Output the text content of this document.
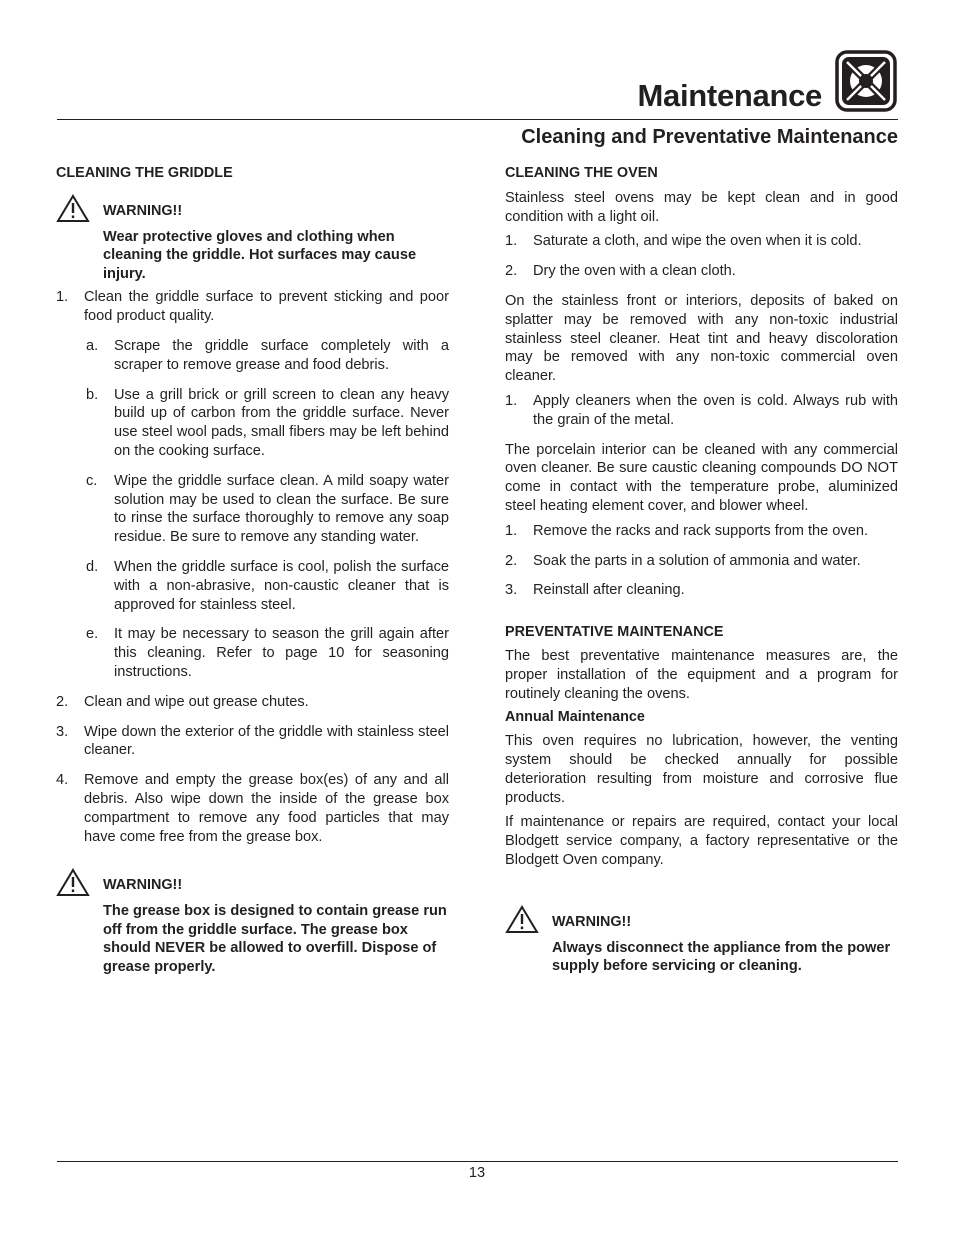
Maintenance
Cleaning and Preventative Maintenance
CLEANING THE GRIDDLE
WARNING!!
Wear protective gloves and clothing when cleaning the griddle. Hot surfaces may cause injury.
1. Clean the griddle surface to prevent sticking and poor food product quality.

a. Scrape the griddle surface completely with a scraper to remove grease and food debris.

b. Use a grill brick or grill screen to clean any heavy build up of carbon from the griddle surface. Never use steel wool pads, small fibers may be left behind on the cooking surface.

c. Wipe the griddle surface clean. A mild soapy water solution may be used to clean the surface. Be sure to rinse the surface thoroughly to remove any soap residue. Be sure to remove any standing water.

d. When the griddle surface is cool, polish the surface with a non-abrasive, non-caustic cleaner that is approved for stainless steel.

e. It may be necessary to season the grill again after this cleaning. Refer to page 10 for seasoning instructions.

2. Clean and wipe out grease chutes.

3. Wipe down the exterior of the griddle with stainless steel cleaner.

4. Remove and empty the grease box(es) of any and all debris. Also wipe down the inside of the grease box compartment to remove any food particles that may have come free from the grease box.

WARNING!!
The grease box is designed to contain grease run off from the griddle surface. The grease box should NEVER be allowed to overfill. Dispose of grease properly.
CLEANING THE OVEN

Stainless steel ovens may be kept clean and in good condition with a light oil.

1. Saturate a cloth, and wipe the oven when it is cold.

2. Dry the oven with a clean cloth.

On the stainless front or interiors, deposits of baked on splatter may be removed with any non-toxic industrial stainless steel cleaner. Heat tint and heavy discoloration may be removed with any non-toxic commercial oven cleaner.

1. Apply cleaners when the oven is cold. Always rub with the grain of the metal.

The porcelain interior can be cleaned with any commercial oven cleaner. Be sure caustic cleaning compounds DO NOT come in contact with the temperature probe, aluminized steel heating element cover, and blower wheel.

1. Remove the racks and rack supports from the oven.

2. Soak the parts in a solution of ammonia and water.

3. Reinstall after cleaning.

PREVENTATIVE MAINTENANCE

The best preventative maintenance measures are, the proper installation of the equipment and a program for routinely cleaning the ovens.

Annual Maintenance

This oven requires no lubrication, however, the venting system should be checked annually for possible deterioration resulting from moisture and corrosive flue products.

If maintenance or repairs are required, contact your local Blodgett service company, a factory representative or the Blodgett Oven company.

WARNING!!
Always disconnect the appliance from the power supply before servicing or cleaning.
13
